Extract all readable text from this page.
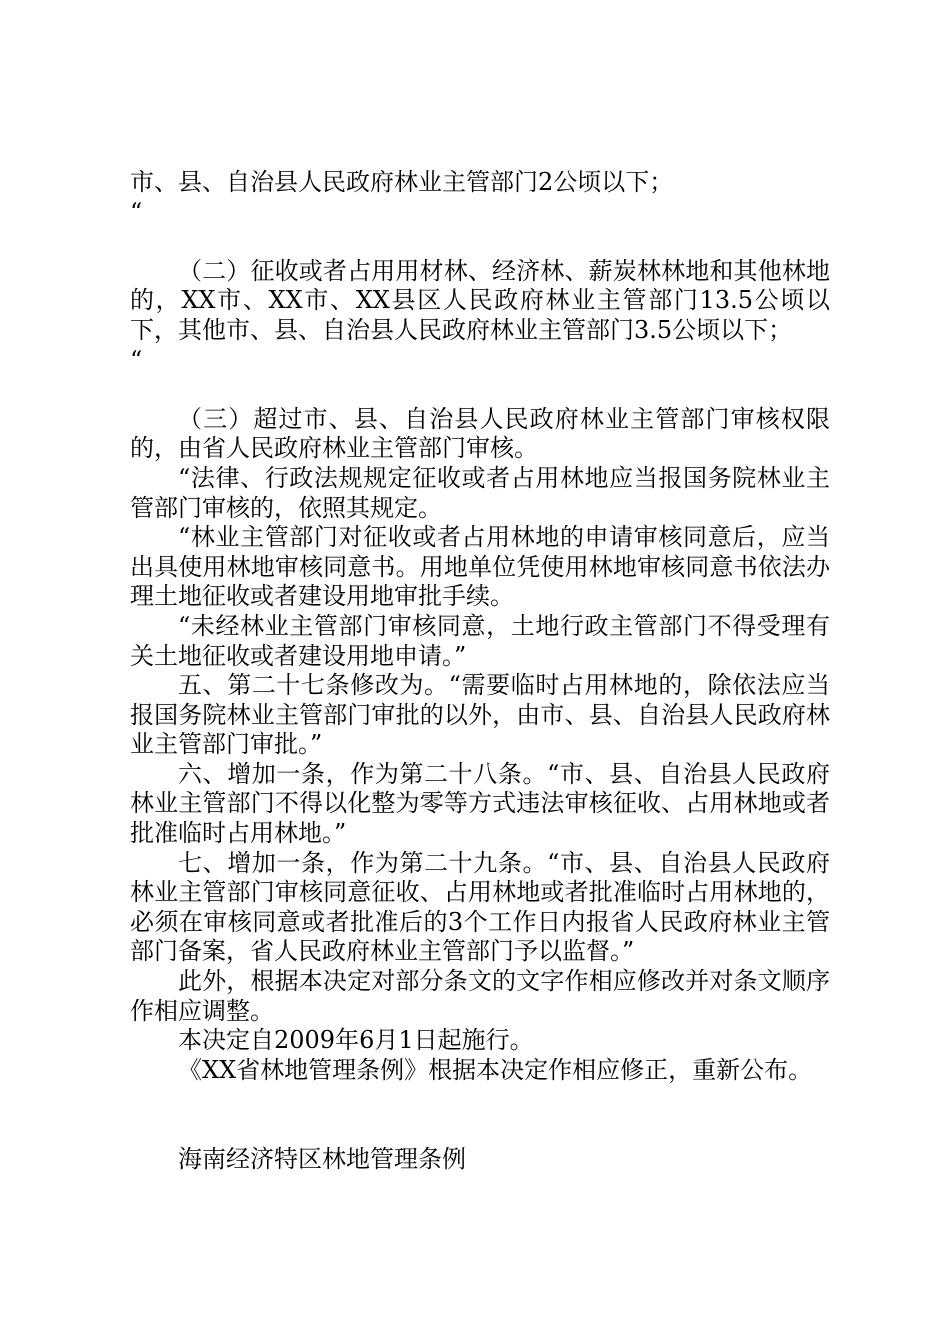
市、县、自治县人民政府林业主管部门2公顷以下；

“

（二）征收或者占用用材林、经济林、薪炭林林地和其他林地的，XX市、XX市、XX县区人民政府林业主管部门13.5公顷以下，其他市、县、自治县人民政府林业主管部门3.5公顷以下；

“

（三）超过市、县、自治县人民政府林业主管部门审核权限的，由省人民政府林业主管部门审核。

“法律、行政法规规定征收或者占用林地应当报国务院林业主管部门审核的，依照其规定。

“林业主管部门对征收或者占用林地的申请审核同意后，应当出具使用林地审核同意书。用地单位凭使用林地审核同意书依法办理土地征收或者建设用地审批手续。

“未经林业主管部门审核同意，土地行政主管部门不得受理有关土地征收或者建设用地申请。”

五、第二十七条修改为。“需要临时占用林地的，除依法应当报国务院林业主管部门审批的以外，由市、县、自治县人民政府林业主管部门审批。”

六、增加一条，作为第二十八条。“市、县、自治县人民政府林业主管部门不得以化整为零等方式违法审核征收、占用林地或者批准临时占用林地。”

七、增加一条，作为第二十九条。“市、县、自治县人民政府林业主管部门审核同意征收、占用林地或者批准临时占用林地的，必须在审核同意或者批准后的3个工作日内报省人民政府林业主管部门备案，省人民政府林业主管部门予以监督。”

此外，根据本决定对部分条文的文字作相应修改并对条文顺序作相应调整。

本决定自2009年6月1日起施行。

《XX省林地管理条例》根据本决定作相应修正，重新公布。

海南经济特区林地管理条例
